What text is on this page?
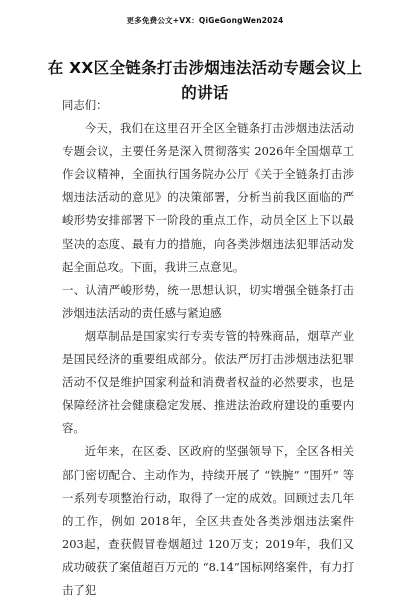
更多免费公文+VX：QiGeGongWen2024
在 XX区全链条打击涉烟违法活动专题会议上的讲话

同志们：

今天，我们在这里召开全区全链条打击涉烟违法活动专题会议，主要任务是深入贯彻落实 2026年全国烟草工作会议精神，全面执行国务院办公厅《关于全链条打击涉烟违法活动的意见》的决策部署，分析当前我区面临的严峻形势安排部署下一阶段的重点工作，动员全区上下以最坚决的态度、最有力的措施，向各类涉烟违法犯罪活动发起全面总攻。下面，我讲三点意见。

一、认清严峻形势，统一思想认识，切实增强全链条打击涉烟违法活动的责任感与紧迫感

烟草制品是国家实行专卖专管的特殊商品，烟草产业是国民经济的重要组成部分。依法严厉打击涉烟违法犯罪活动不仅是维护国家利益和消费者权益的必然要求，也是保障经济社会健康稳定发展、推进法治政府建设的重要内容。

近年来，在区委、区政府的坚强领导下，全区各相关部门密切配合、主动作为，持续开展了 “铁腕” “围歼” 等一系列专项整治行动，取得了一定的成效。回顾过去几年的工作，例如 2018年，全区共查处各类涉烟违法案件 203起，查获假冒卷烟超过 120万支；2019年，我们又成功破获了案值超百万元的 “8.14”国标网络案件，有力打击了犯
